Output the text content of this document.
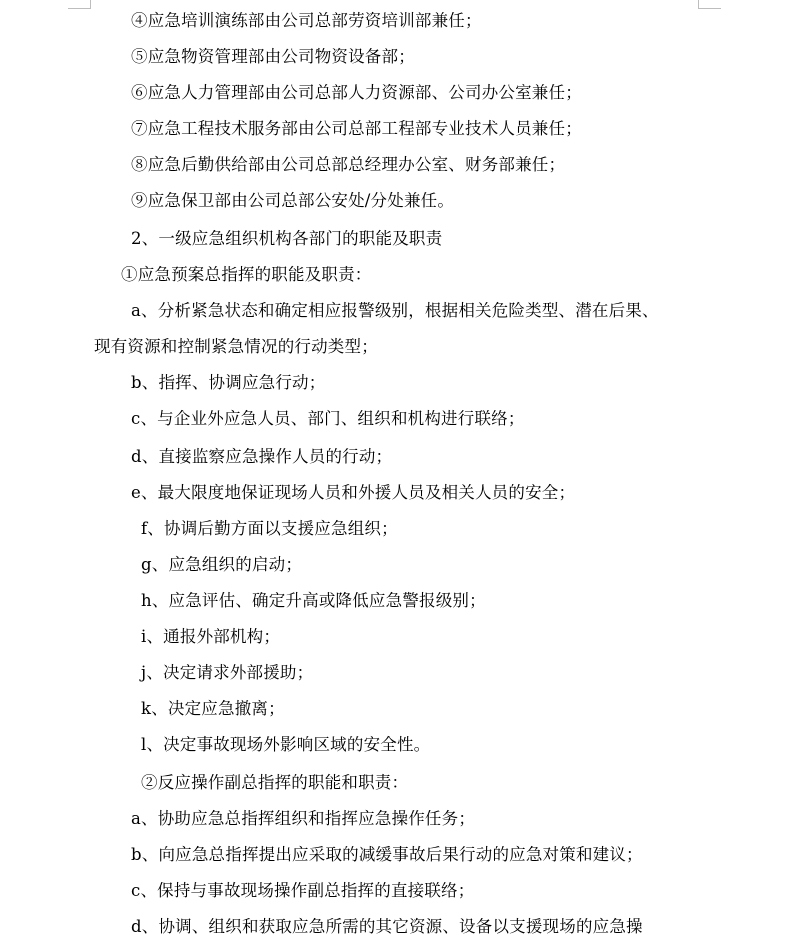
④应急培训演练部由公司总部劳资培训部兼任；
⑤应急物资管理部由公司物资设备部；
⑥应急人力管理部由公司总部人力资源部、公司办公室兼任；
⑦应急工程技术服务部由公司总部工程部专业技术人员兼任；
⑧应急后勤供给部由公司总部总经理办公室、财务部兼任；
⑨应急保卫部由公司总部公安处/分处兼任。
2、一级应急组织机构各部门的职能及职责
①应急预案总指挥的职能及职责：
a、分析紧急状态和确定相应报警级别，根据相关危险类型、潜在后果、
现有资源和控制紧急情况的行动类型；
b、指挥、协调应急行动；
c、与企业外应急人员、部门、组织和机构进行联络；
d、直接监察应急操作人员的行动；
e、最大限度地保证现场人员和外援人员及相关人员的安全；
f、协调后勤方面以支援应急组织；
g、应急组织的启动；
h、应急评估、确定升高或降低应急警报级别；
i、通报外部机构；
j、决定请求外部援助；
k、决定应急撤离；
l、决定事故现场外影响区域的安全性。
②反应操作副总指挥的职能和职责：
a、协助应急总指挥组织和指挥应急操作任务；
b、向应急总指挥提出应采取的减缓事故后果行动的应急对策和建议；
c、保持与事故现场操作副总指挥的直接联络；
d、协调、组织和获取应急所需的其它资源、设备以支援现场的应急操
